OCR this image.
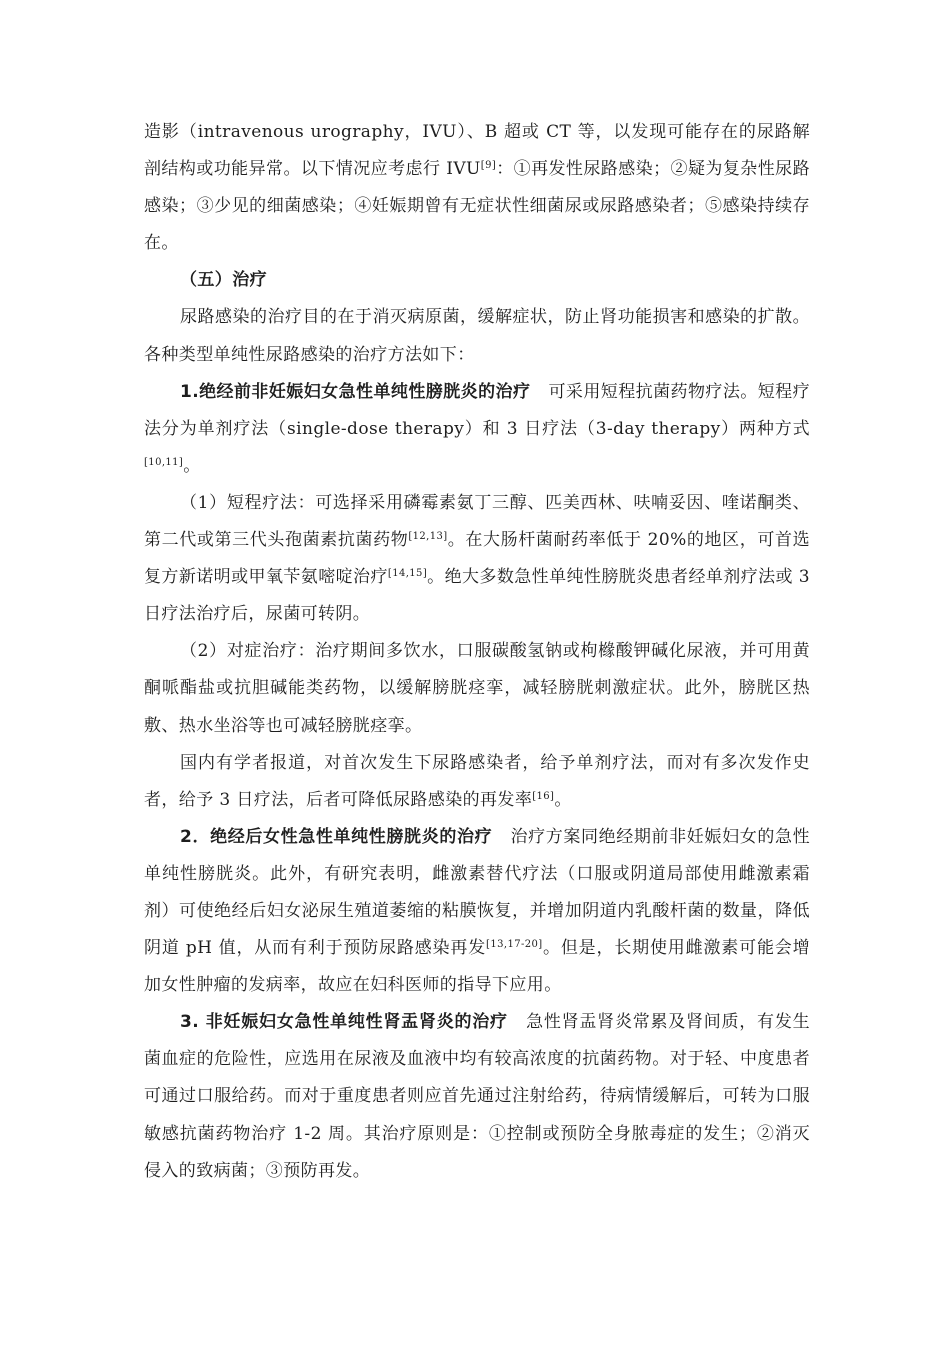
造影（intravenous urography，IVU）、B 超或 CT 等，以发现可能存在的尿路解剖结构或功能异常。以下情况应考虑行 IVU[9]：①再发性尿路感染；②疑为复杂性尿路感染；③少见的细菌感染；④妊娠期曾有无症状性细菌尿或尿路感染者；⑤感染持续存在。

（五）治疗

尿路感染的治疗目的在于消灭病原菌，缓解症状，防止肾功能损害和感染的扩散。各种类型单纯性尿路感染的治疗方法如下：

1.绝经前非妊娠妇女急性单纯性膀胱炎的治疗 可采用短程抗菌药物疗法。短程疗法分为单剂疗法（single-dose therapy）和 3 日疗法（3-day therapy）两种方式[10,11]。

（1）短程疗法：可选择采用磷霉素氨丁三醇、匹美西林、呋喃妥因、喹诺酮类、第二代或第三代头孢菌素抗菌药物[12,13]。在大肠杆菌耐药率低于 20%的地区，可首选复方新诺明或甲氧苄氨嘧啶治疗[14,15]。绝大多数急性单纯性膀胱炎患者经单剂疗法或 3 日疗法治疗后，尿菌可转阴。

（2）对症治疗：治疗期间多饮水，口服碳酸氢钠或枸橼酸钾碱化尿液，并可用黄酮哌酯盐或抗胆碱能类药物，以缓解膀胱痉挛，减轻膀胱刺激症状。此外，膀胱区热敷、热水坐浴等也可减轻膀胱痉挛。

国内有学者报道，对首次发生下尿路感染者，给予单剂疗法，而对有多次发作史者，给予 3 日疗法，后者可降低尿路感染的再发率[16]。

2．绝经后女性急性单纯性膀胱炎的治疗 治疗方案同绝经期前非妊娠妇女的急性单纯性膀胱炎。此外，有研究表明，雌激素替代疗法（口服或阴道局部使用雌激素霜剂）可使绝经后妇女泌尿生殖道萎缩的粘膜恢复，并增加阴道内乳酸杆菌的数量，降低阴道 pH 值，从而有利于预防尿路感染再发[13,17-20]。但是，长期使用雌激素可能会增加女性肿瘤的发病率，故应在妇科医师的指导下应用。

3. 非妊娠妇女急性单纯性肾盂肾炎的治疗 急性肾盂肾炎常累及肾间质，有发生菌血症的危险性，应选用在尿液及血液中均有较高浓度的抗菌药物。对于轻、中度患者可通过口服给药。而对于重度患者则应首先通过注射给药，待病情缓解后，可转为口服敏感抗菌药物治疗 1-2 周。其治疗原则是：①控制或预防全身脓毒症的发生；②消灭侵入的致病菌；③预防再发。
